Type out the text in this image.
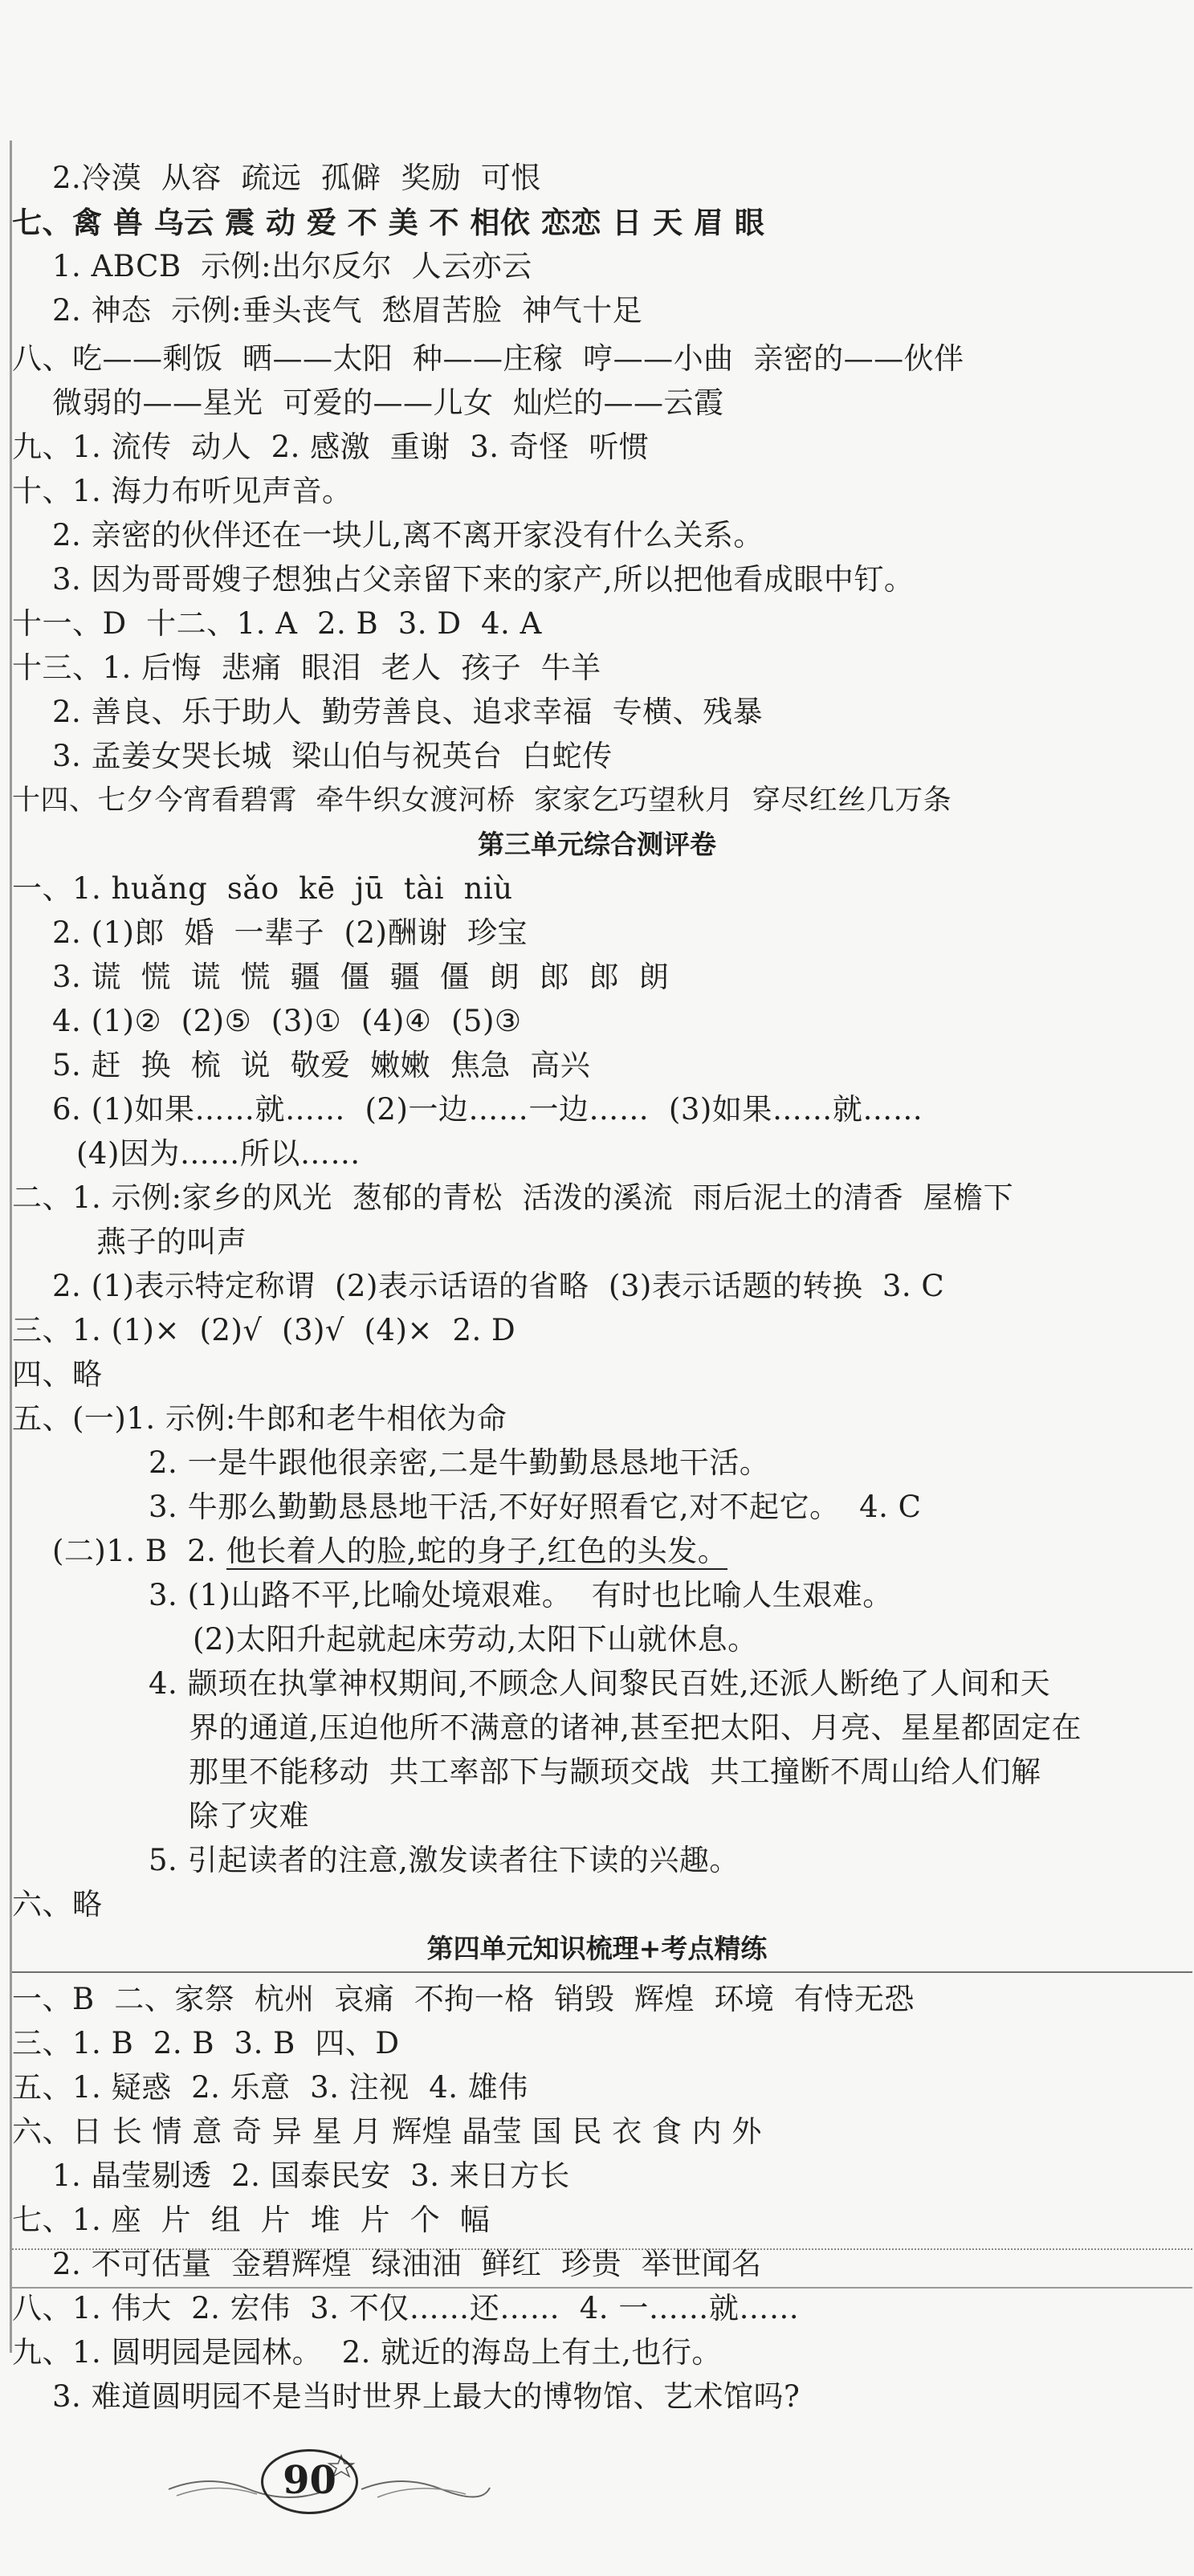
2.冷漠  从容  疏远  孤僻  奖励  可恨
七、禽 兽 乌云 震 动 爱 不 美 不 相依 恋恋 日 天 眉 眼
1. ABCB  示例:出尔反尔  人云亦云
2. 神态  示例:垂头丧气  愁眉苦脸  神气十足
八、吃——剩饭  晒——太阳  种——庄稼  哼——小曲  亲密的——伙伴
微弱的——星光  可爱的——儿女  灿烂的——云霞
九、1. 流传  动人  2. 感激  重谢  3. 奇怪  听惯
十、1. 海力布听见声音。
2. 亲密的伙伴还在一块儿,离不离开家没有什么关系。
3. 因为哥哥嫂子想独占父亲留下来的家产,所以把他看成眼中钉。
十一、D  十二、1. A  2. B  3. D  4. A
十三、1. 后悔  悲痛  眼泪  老人  孩子  牛羊
2. 善良、乐于助人  勤劳善良、追求幸福  专横、残暴
3. 孟姜女哭长城  梁山伯与祝英台  白蛇传
十四、七夕今宵看碧霄  牵牛织女渡河桥  家家乞巧望秋月  穿尽红丝几万条
第三单元综合测评卷
一、1. huǎng  sǎo  kē  jū  tài  niù
2. (1)郎  婚  一辈子  (2)酬谢  珍宝
3. 谎  慌  谎  慌  疆  僵  疆  僵  朗  郎  郎  朗
4. (1)②  (2)⑤  (3)①  (4)④  (5)③
5. 赶  换  梳  说  敬爱  嫩嫩  焦急  高兴
6. (1)如果……就……  (2)一边……一边……  (3)如果……就……
(4)因为……所以……
二、1. 示例:家乡的风光  葱郁的青松  活泼的溪流  雨后泥土的清香  屋檐下
燕子的叫声
2. (1)表示特定称谓  (2)表示话语的省略  (3)表示话题的转换  3. C
三、1. (1)×  (2)√  (3)√  (4)×  2. D
四、略
五、(一)1. 示例:牛郎和老牛相依为命
2. 一是牛跟他很亲密,二是牛勤勤恳恳地干活。
3. 牛那么勤勤恳恳地干活,不好好照看它,对不起它。  4. C
(二)1. B  2. 他长着人的脸,蛇的身子,红色的头发。
3. (1)山路不平,比喻处境艰难。  有时也比喻人生艰难。
(2)太阳升起就起床劳动,太阳下山就休息。
4. 颛顼在执掌神权期间,不顾念人间黎民百姓,还派人断绝了人间和天
界的通道,压迫他所不满意的诸神,甚至把太阳、月亮、星星都固定在
那里不能移动  共工率部下与颛顼交战  共工撞断不周山给人们解
除了灾难
5. 引起读者的注意,激发读者往下读的兴趣。
六、略
第四单元知识梳理+考点精练
一、B  二、家祭  杭州  哀痛  不拘一格  销毁  辉煌  环境  有恃无恐
三、1. B  2. B  3. B  四、D
五、1. 疑惑  2. 乐意  3. 注视  4. 雄伟
六、日 长 情 意 奇 异 星 月 辉煌 晶莹 国 民 衣 食 内 外
1. 晶莹剔透  2. 国泰民安  3. 来日方长
七、1. 座  片  组  片  堆  片  个  幅
2. 不可估量  金碧辉煌  绿油油  鲜红  珍贵  举世闻名
八、1. 伟大  2. 宏伟  3. 不仅……还……  4. 一……就……
九、1. 圆明园是园林。  2. 就近的海岛上有土,也行。
3. 难道圆明园不是当时世界上最大的博物馆、艺术馆吗?
90
